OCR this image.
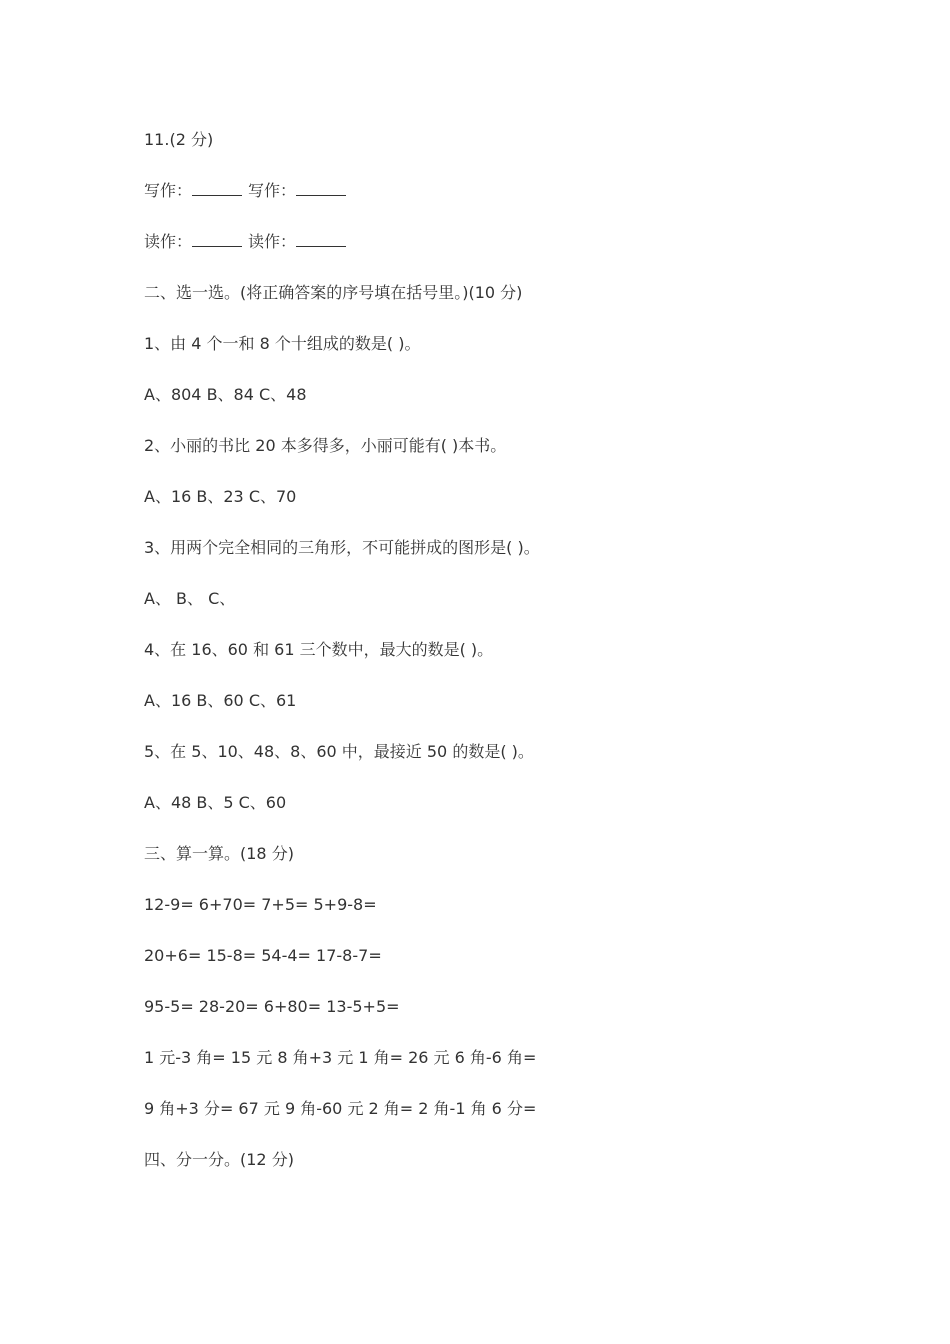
11.(2 分)
写作：	写作：
读作：	读作：
二、选一选。(将正确答案的序号填在括号里。)(10 分)
1、由 4 个一和 8 个十组成的数是( )。
A、804 B、84 C、48
2、小丽的书比 20 本多得多，小丽可能有( )本书。
A、16 B、23 C、70
3、用两个完全相同的三角形，不可能拼成的图形是( )。
A、 B、 C、
4、在 16、60 和 61 三个数中，最大的数是( )。
A、16 B、60 C、61
5、在 5、10、48、8、60 中，最接近 50 的数是( )。
A、48 B、5 C、60
三、算一算。(18 分)
12-9= 6+70= 7+5= 5+9-8=
20+6= 15-8= 54-4= 17-8-7=
95-5= 28-20= 6+80= 13-5+5=
1 元-3 角= 15 元 8 角+3 元 1 角= 26 元 6 角-6 角=
9 角+3 分= 67 元 9 角-60 元 2 角= 2 角-1 角 6 分=
四、分一分。(12 分)
